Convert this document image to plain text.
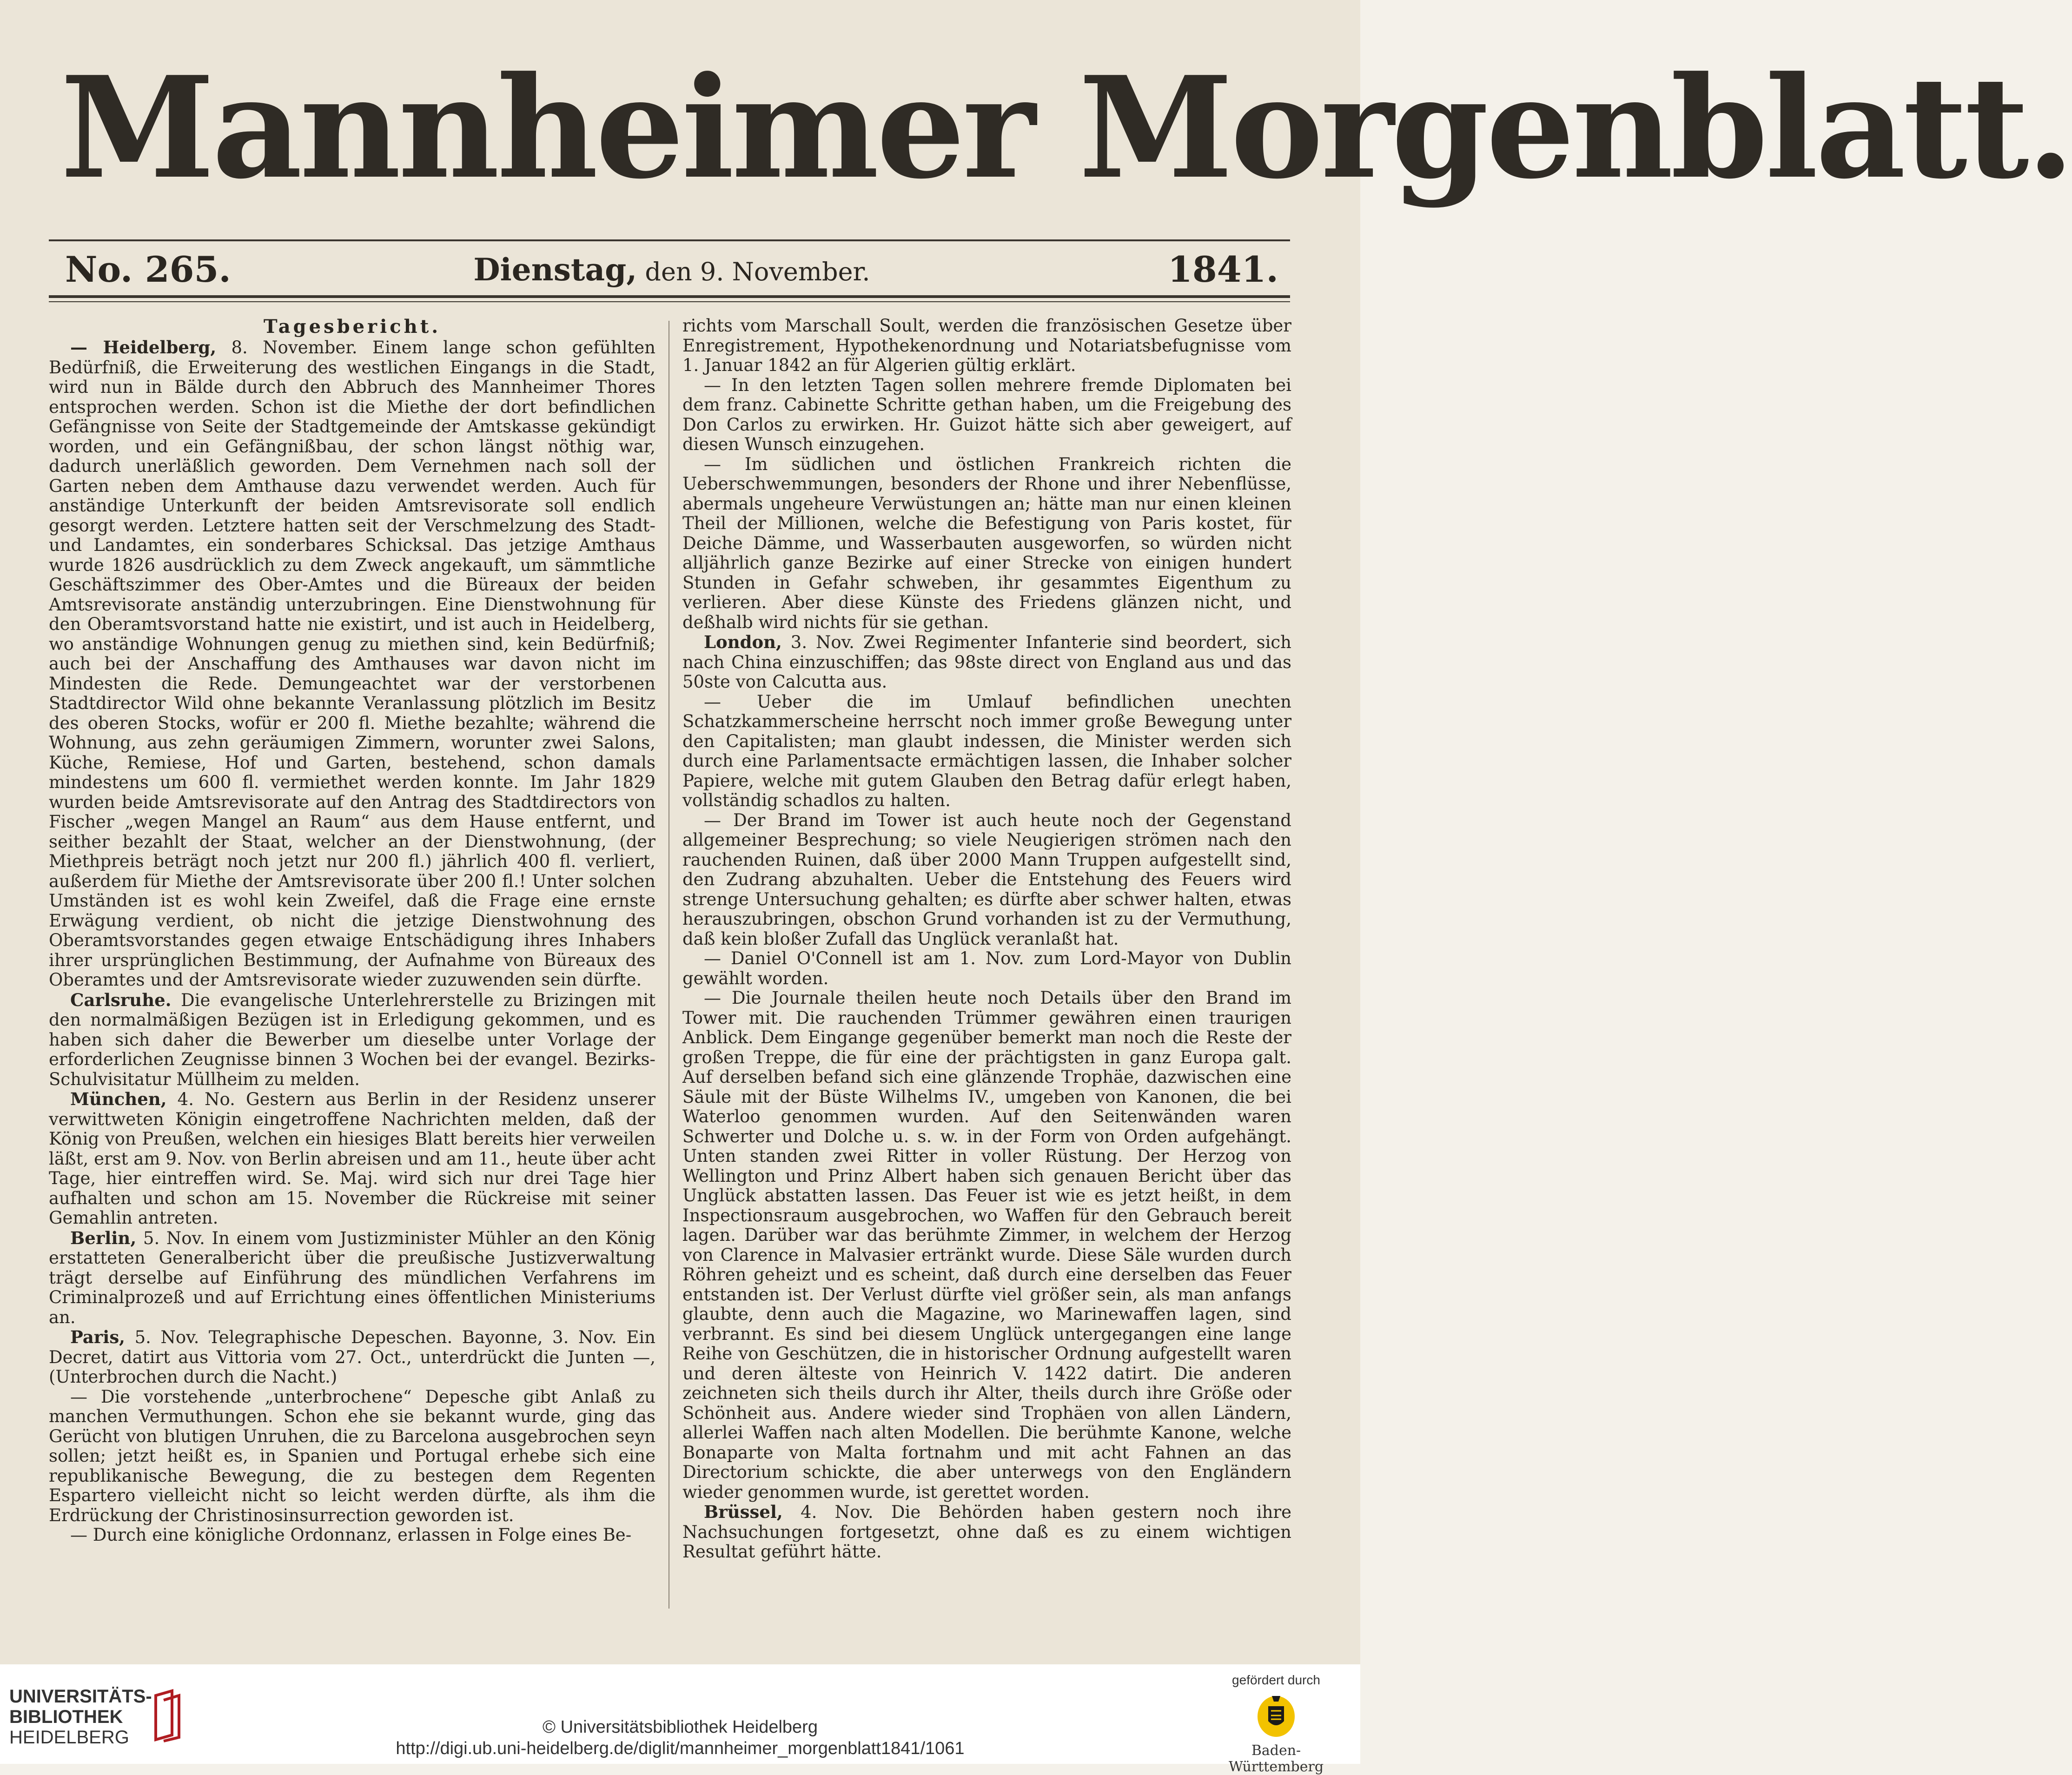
Mannheimer Morgenblatt.
No. 265.	Dienstag, den 9. November.	1841.
Tagesbericht.

— Heidelberg, 8. November. Einem lange schon gefühlten Bedürfniß, die Erweiterung des westlichen Eingangs in die Stadt, wird nun in Bälde durch den Abbruch des Mannheimer Thores entsprochen werden. Schon ist die Miethe der dort befindlichen Gefängnisse von Seite der Stadtgemeinde der Amtskasse gekündigt worden, und ein Gefängnißbau, der schon längst nöthig war, dadurch unerläßlich geworden. Dem Vernehmen nach soll der Garten neben dem Amthause dazu verwendet werden. Auch für anständige Unterkunft der beiden Amtsrevisorate soll endlich gesorgt werden. Letztere hatten seit der Verschmelzung des Stadt- und Landamtes, ein sonderbares Schicksal. Das jetzige Amthaus wurde 1826 ausdrücklich zu dem Zweck angekauft, um sämmtliche Geschäftszimmer des Ober-Amtes und die Büreaux der beiden Amtsrevisorate anständig unterzubringen. Eine Dienstwohnung für den Oberamtsvorstand hatte nie existirt, und ist auch in Heidelberg, wo anständige Wohnungen genug zu miethen sind, kein Bedürfniß; auch bei der Anschaffung des Amthauses war davon nicht im Mindesten die Rede. Demungeachtet war der verstorbenen Stadtdirector Wild ohne bekannte Veranlassung plötzlich im Besitz des oberen Stocks, wofür er 200 fl. Miethe bezahlte; während die Wohnung, aus zehn geräumigen Zimmern, worunter zwei Salons, Küche, Remiese, Hof und Garten, bestehend, schon damals mindestens um 600 fl. vermiethet werden konnte. Im Jahr 1829 wurden beide Amtsrevisorate auf den Antrag des Stadtdirectors von Fischer „wegen Mangel an Raum“ aus dem Hause entfernt, und seither bezahlt der Staat, welcher an der Dienstwohnung, (der Miethpreis beträgt noch jetzt nur 200 fl.) jährlich 400 fl. verliert, außerdem für Miethe der Amtsrevisorate über 200 fl.! Unter solchen Umständen ist es wohl kein Zweifel, daß die Frage eine ernste Erwägung verdient, ob nicht die jetzige Dienstwohnung des Oberamtsvorstandes gegen etwaige Entschädigung ihres Inhabers ihrer ursprünglichen Bestimmung, der Aufnahme von Büreaux des Oberamtes und der Amtsrevisorate wieder zuzuwenden sein dürfte.

Carlsruhe. Die evangelische Unterlehrerstelle zu Brizingen mit den normalmäßigen Bezügen ist in Erledigung gekommen, und es haben sich daher die Bewerber um dieselbe unter Vorlage der erforderlichen Zeugnisse binnen 3 Wochen bei der evangel. Bezirks-Schulvisitatur Müllheim zu melden.

München, 4. No. Gestern aus Berlin in der Residenz unserer verwittweten Königin eingetroffene Nachrichten melden, daß der König von Preußen, welchen ein hiesiges Blatt bereits hier verweilen läßt, erst am 9. Nov. von Berlin abreisen und am 11., heute über acht Tage, hier eintreffen wird. Se. Maj. wird sich nur drei Tage hier aufhalten und schon am 15. November die Rückreise mit seiner Gemahlin antreten.

Berlin, 5. Nov. In einem vom Justizminister Mühler an den König erstatteten Generalbericht über die preußische Justizverwaltung trägt derselbe auf Einführung des mündlichen Verfahrens im Criminalprozeß und auf Errichtung eines öffentlichen Ministeriums an.

Paris, 5. Nov. Telegraphische Depeschen. Bayonne, 3. Nov. Ein Decret, datirt aus Vittoria vom 27. Oct., unterdrückt die Junten —, (Unterbrochen durch die Nacht.)

— Die vorstehende „unterbrochene“ Depesche gibt Anlaß zu manchen Vermuthungen. Schon ehe sie bekannt wurde, ging das Gerücht von blutigen Unruhen, die zu Barcelona ausgebrochen seyn sollen; jetzt heißt es, in Spanien und Portugal erhebe sich eine republikanische Bewegung, die zu bestegen dem Regenten Espartero vielleicht nicht so leicht werden dürfte, als ihm die Erdrückung der Christinosinsurrection geworden ist.

— Durch eine königliche Ordonnanz, erlassen in Folge eines Be-

richts vom Marschall Soult, werden die französischen Gesetze über Enregistrement, Hypothekenordnung und Notariatsbefugnisse vom 1. Januar 1842 an für Algerien gültig erklärt.

— In den letzten Tagen sollen mehrere fremde Diplomaten bei dem franz. Cabinette Schritte gethan haben, um die Freigebung des Don Carlos zu erwirken. Hr. Guizot hätte sich aber geweigert, auf diesen Wunsch einzugehen.

— Im südlichen und östlichen Frankreich richten die Ueberschwemmungen, besonders der Rhone und ihrer Nebenflüsse, abermals ungeheure Verwüstungen an; hätte man nur einen kleinen Theil der Millionen, welche die Befestigung von Paris kostet, für Deiche Dämme, und Wasserbauten ausgeworfen, so würden nicht alljährlich ganze Bezirke auf einer Strecke von einigen hundert Stunden in Gefahr schweben, ihr gesammtes Eigenthum zu verlieren. Aber diese Künste des Friedens glänzen nicht, und deßhalb wird nichts für sie gethan.

London, 3. Nov. Zwei Regimenter Infanterie sind beordert, sich nach China einzuschiffen; das 98ste direct von England aus und das 50ste von Calcutta aus.

— Ueber die im Umlauf befindlichen unechten Schatzkammerscheine herrscht noch immer große Bewegung unter den Capitalisten; man glaubt indessen, die Minister werden sich durch eine Parlamentsacte ermächtigen lassen, die Inhaber solcher Papiere, welche mit gutem Glauben den Betrag dafür erlegt haben, vollständig schadlos zu halten.

— Der Brand im Tower ist auch heute noch der Gegenstand allgemeiner Besprechung; so viele Neugierigen strömen nach den rauchenden Ruinen, daß über 2000 Mann Truppen aufgestellt sind, den Zudrang abzuhalten. Ueber die Entstehung des Feuers wird strenge Untersuchung gehalten; es dürfte aber schwer halten, etwas herauszubringen, obschon Grund vorhanden ist zu der Vermuthung, daß kein bloßer Zufall das Unglück veranlaßt hat.

— Daniel O'Connell ist am 1. Nov. zum Lord-Mayor von Dublin gewählt worden.

— Die Journale theilen heute noch Details über den Brand im Tower mit. Die rauchenden Trümmer gewähren einen traurigen Anblick. Dem Eingange gegenüber bemerkt man noch die Reste der großen Treppe, die für eine der prächtigsten in ganz Europa galt. Auf derselben befand sich eine glänzende Trophäe, dazwischen eine Säule mit der Büste Wilhelms IV., umgeben von Kanonen, die bei Waterloo genommen wurden. Auf den Seitenwänden waren Schwerter und Dolche u. s. w. in der Form von Orden aufgehängt. Unten standen zwei Ritter in voller Rüstung. Der Herzog von Wellington und Prinz Albert haben sich genauen Bericht über das Unglück abstatten lassen. Das Feuer ist wie es jetzt heißt, in dem Inspectionsraum ausgebrochen, wo Waffen für den Gebrauch bereit lagen. Darüber war das berühmte Zimmer, in welchem der Herzog von Clarence in Malvasier ertränkt wurde. Diese Säle wurden durch Röhren geheizt und es scheint, daß durch eine derselben das Feuer entstanden ist. Der Verlust dürfte viel größer sein, als man anfangs glaubte, denn auch die Magazine, wo Marinewaffen lagen, sind verbrannt. Es sind bei diesem Unglück untergegangen eine lange Reihe von Geschützen, die in historischer Ordnung aufgestellt waren und deren älteste von Heinrich V. 1422 datirt. Die anderen zeichneten sich theils durch ihr Alter, theils durch ihre Größe oder Schönheit aus. Andere wieder sind Trophäen von allen Ländern, allerlei Waffen nach alten Modellen. Die berühmte Kanone, welche Bonaparte von Malta fortnahm und mit acht Fahnen an das Directorium schickte, die aber unterwegs von den Engländern wieder genommen wurde, ist gerettet worden.

Brüssel, 4. Nov. Die Behörden haben gestern noch ihre Nachsuchungen fortgesetzt, ohne daß es zu einem wichtigen Resultat geführt hätte.

UNIVERSITÄTS-
BIBLIOTHEK
HEIDELBERG	© Universitätsbibliothek Heidelberg
http://digi.ub.uni-heidelberg.de/diglit/mannheimer_morgenblatt1841/1061
gefördert durch
Baden-Württemberg
